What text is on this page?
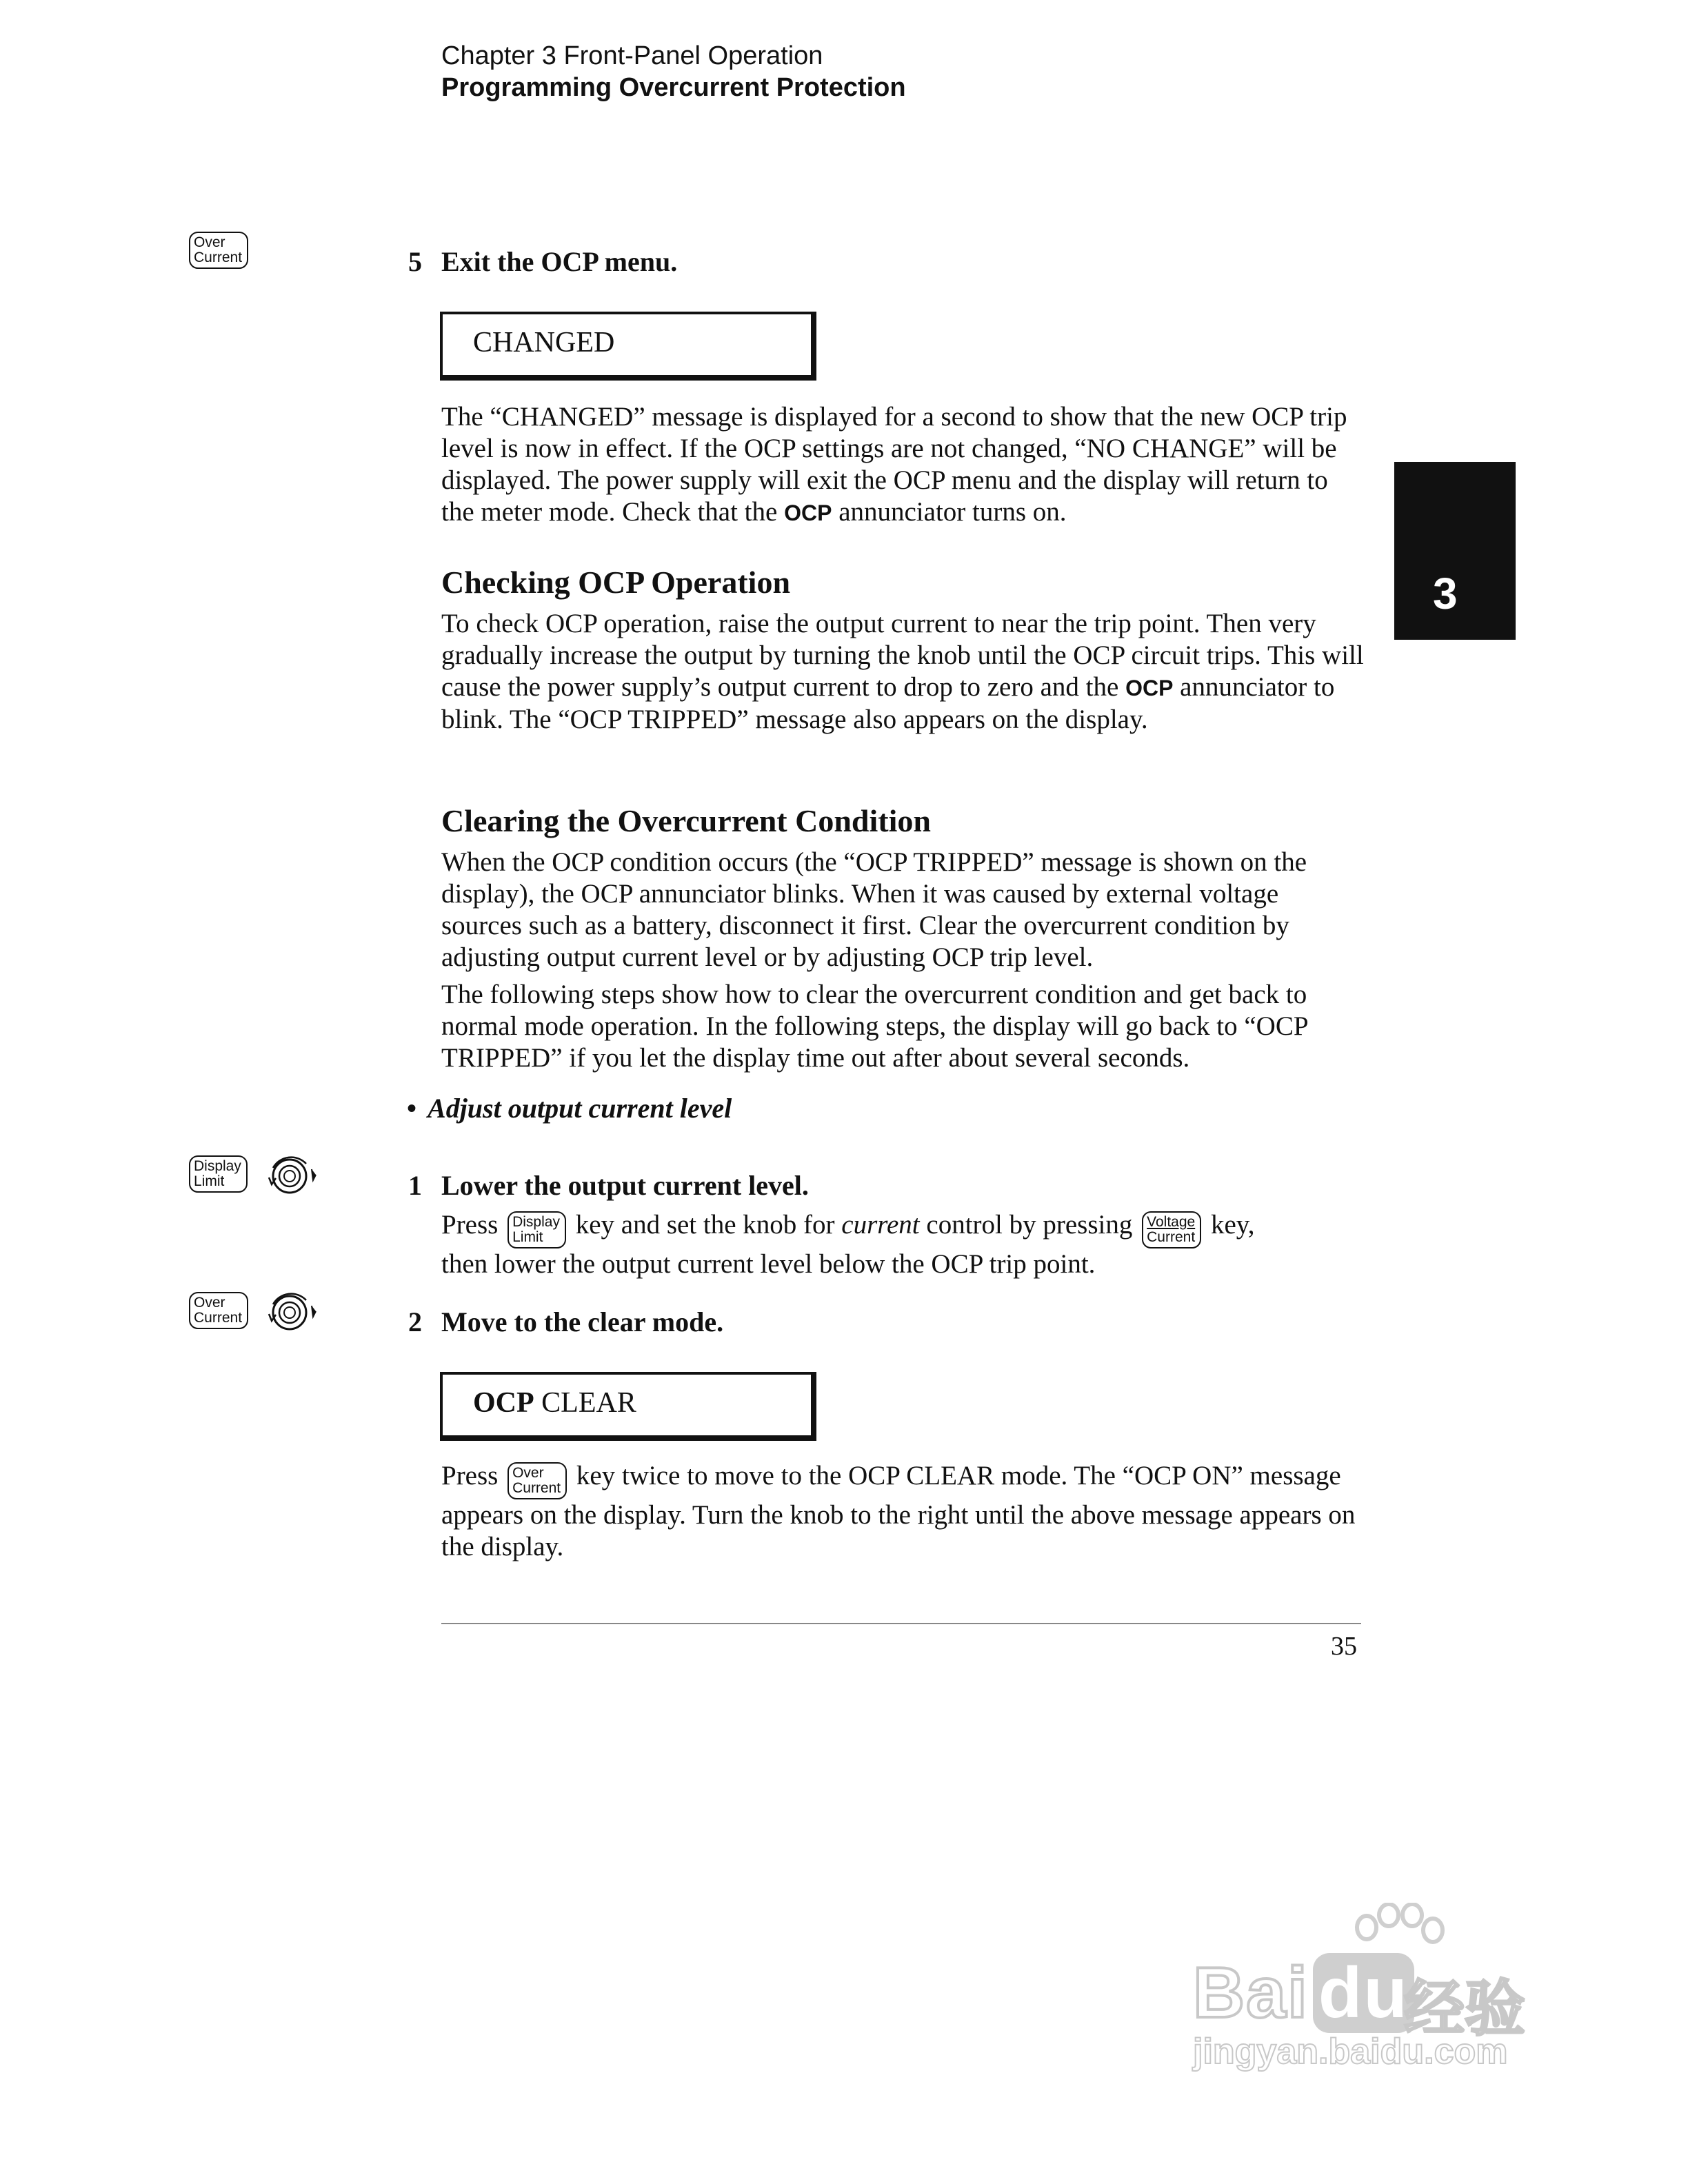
Chapter 3 Front-Panel Operation
Programming Overcurrent Protection
3
Over
Current	5 Exit the OCP menu.
CHANGED
The “CHANGED” message is displayed for a second to show that the new OCP trip level is now in effect. If the OCP settings are not changed, “NO CHANGE” will be displayed. The power supply will exit the OCP menu and the display will return to the meter mode. Check that the OCP annunciator turns on.
Checking OCP Operation
To check OCP operation, raise the output current to near the trip point. Then very gradually increase the output by turning the knob until the OCP circuit trips. This will cause the power supply’s output current to drop to zero and the OCP annunciator to blink. The “OCP TRIPPED” message also appears on the display.
Clearing the Overcurrent Condition
When the OCP condition occurs (the “OCP TRIPPED” message is shown on the display), the OCP annunciator blinks. When it was caused by external voltage sources such as a battery, disconnect it first. Clear the overcurrent condition by adjusting output current level or by adjusting OCP trip level.
The following steps show how to clear the overcurrent condition and get back to normal mode operation. In the following steps, the display will go back to “OCP TRIPPED” if you let the display time out after about several seconds.
• Adjust output current level
Display
Limit	1 Lower the output current level.
Press Display
Limit	key and set the knob for current control by pressing Voltage
Current key,
then lower the output current level below the OCP trip point.
Over
Current	2 Move to the clear mode.
OCP CLEAR
Press Over
Current key twice to move to the OCP CLEAR mode. The “OCP ON” message appears on the display. Turn the knob to the right until the above message appears on the display.
35
Bai du
经验
jingyan.baidu.com
